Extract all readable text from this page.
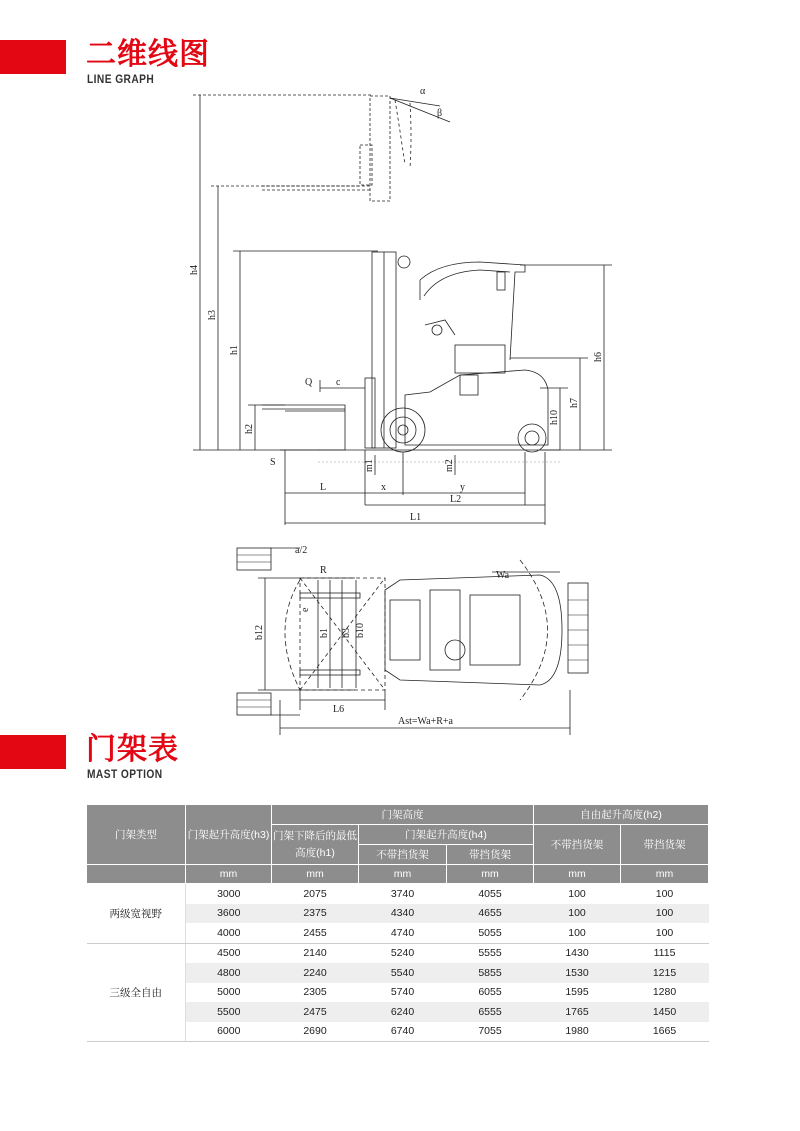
二维线图
LINE GRAPH
α
β
h4
h3
h1
h6
h7
h10
h2
S
Q c
m1	m2
L	x	y
L2
L1
a/2
R	Wa
e
b12	b1 b3 b10
L6
Ast=Wa+R+a
门架表
MAST OPTION
门架类型	门架起升高度(h3)	门架高度			自由起升高度(h2)	
		门架下降后的最低高度(h1)	门架起升高度(h4)		不带挡货架	带挡货架
			不带挡货架	带挡货架		
	mm	mm	mm	mm	mm	mm
两级宽视野	3000	2075	3740	4055	100	100
	3600	2375	4340	4655	100	100
	4000	2455	4740	5055	100	100
三级全自由	4500	2140	5240	5555	1430	1115
	4800	2240	5540	5855	1530	1215
	5000	2305	5740	6055	1595	1280
	5500	2475	6240	6555	1765	1450
	6000	2690	6740	7055	1980	1665
